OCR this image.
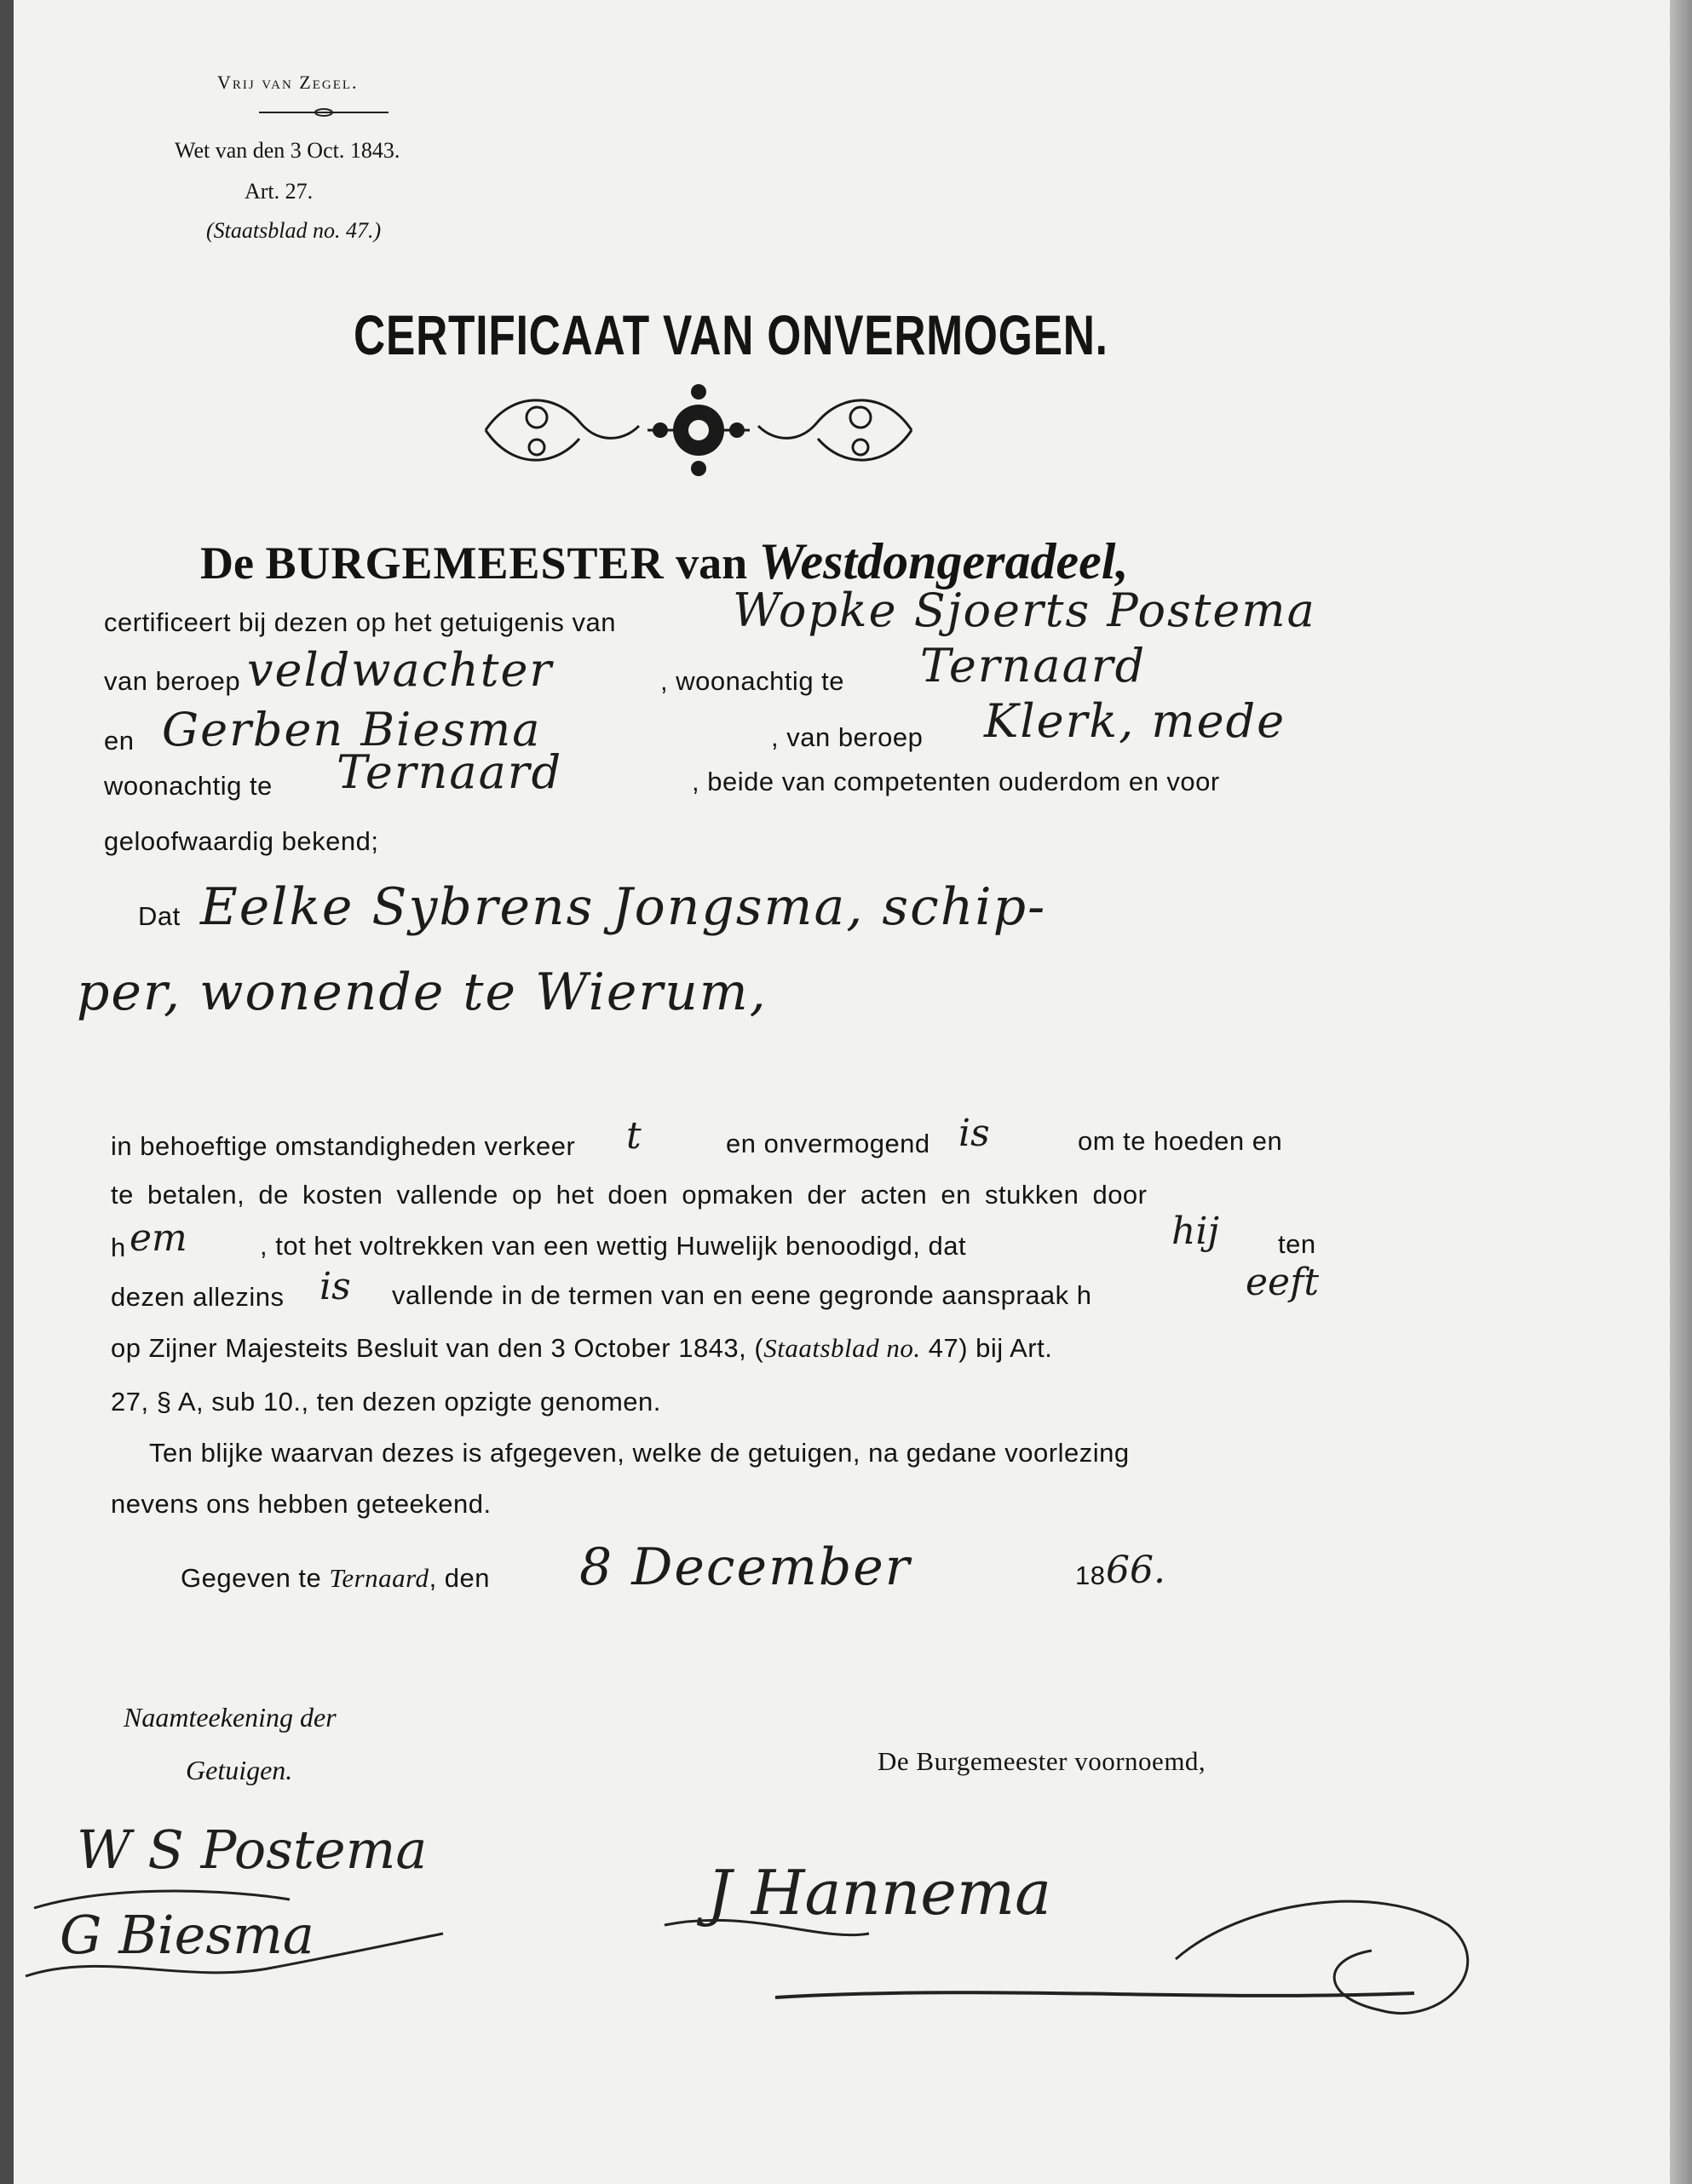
Vrij van Zegel.
Wet van den 3 Oct. 1843.
Art. 27.
(Staatsblad no. 47.)
CERTIFICAAT VAN ONVERMOGEN.
De BURGEMEESTER van Westdongeradeel,
certificeert bij dezen op het getuigenis van	Wopke Sjoerts Postema
van beroep veldwachter	, woonachtig te Ternaard
en Gerben Biesma	, van beroep Klerk, mede
woonachtig te Ternaard	, beide van competenten ouderdom en voor
geloofwaardig bekend;
Dat Eelke Sybrens Jongsma, schip-
per, wonende te Wierum,
in behoeftige omstandigheden verkeer t	en onvermogend is	om te hoeden en
te betalen, de kosten vallende op het doen opmaken der acten en stukken door
h em	, tot het voltrekken van een wettig Huwelijk benoodigd, dat	hij ten
dezen allezins is vallende in de termen van en eene gegronde aanspraak h	eeft
op Zijner Majesteits Besluit van den 3 October 1843, (Staatsblad no. 47) bij Art.
27, § A, sub 10., ten dezen opzigte genomen.
Ten blijke waarvan dezes is afgegeven, welke de getuigen, na gedane voorlezing
nevens ons hebben geteekend.
Gegeven te Ternaard, den 8 December	18 66.
Naamteekening der
Getuigen.	De Burgemeester voornoemd,
W S Postema
G Biesma
J Hannema
